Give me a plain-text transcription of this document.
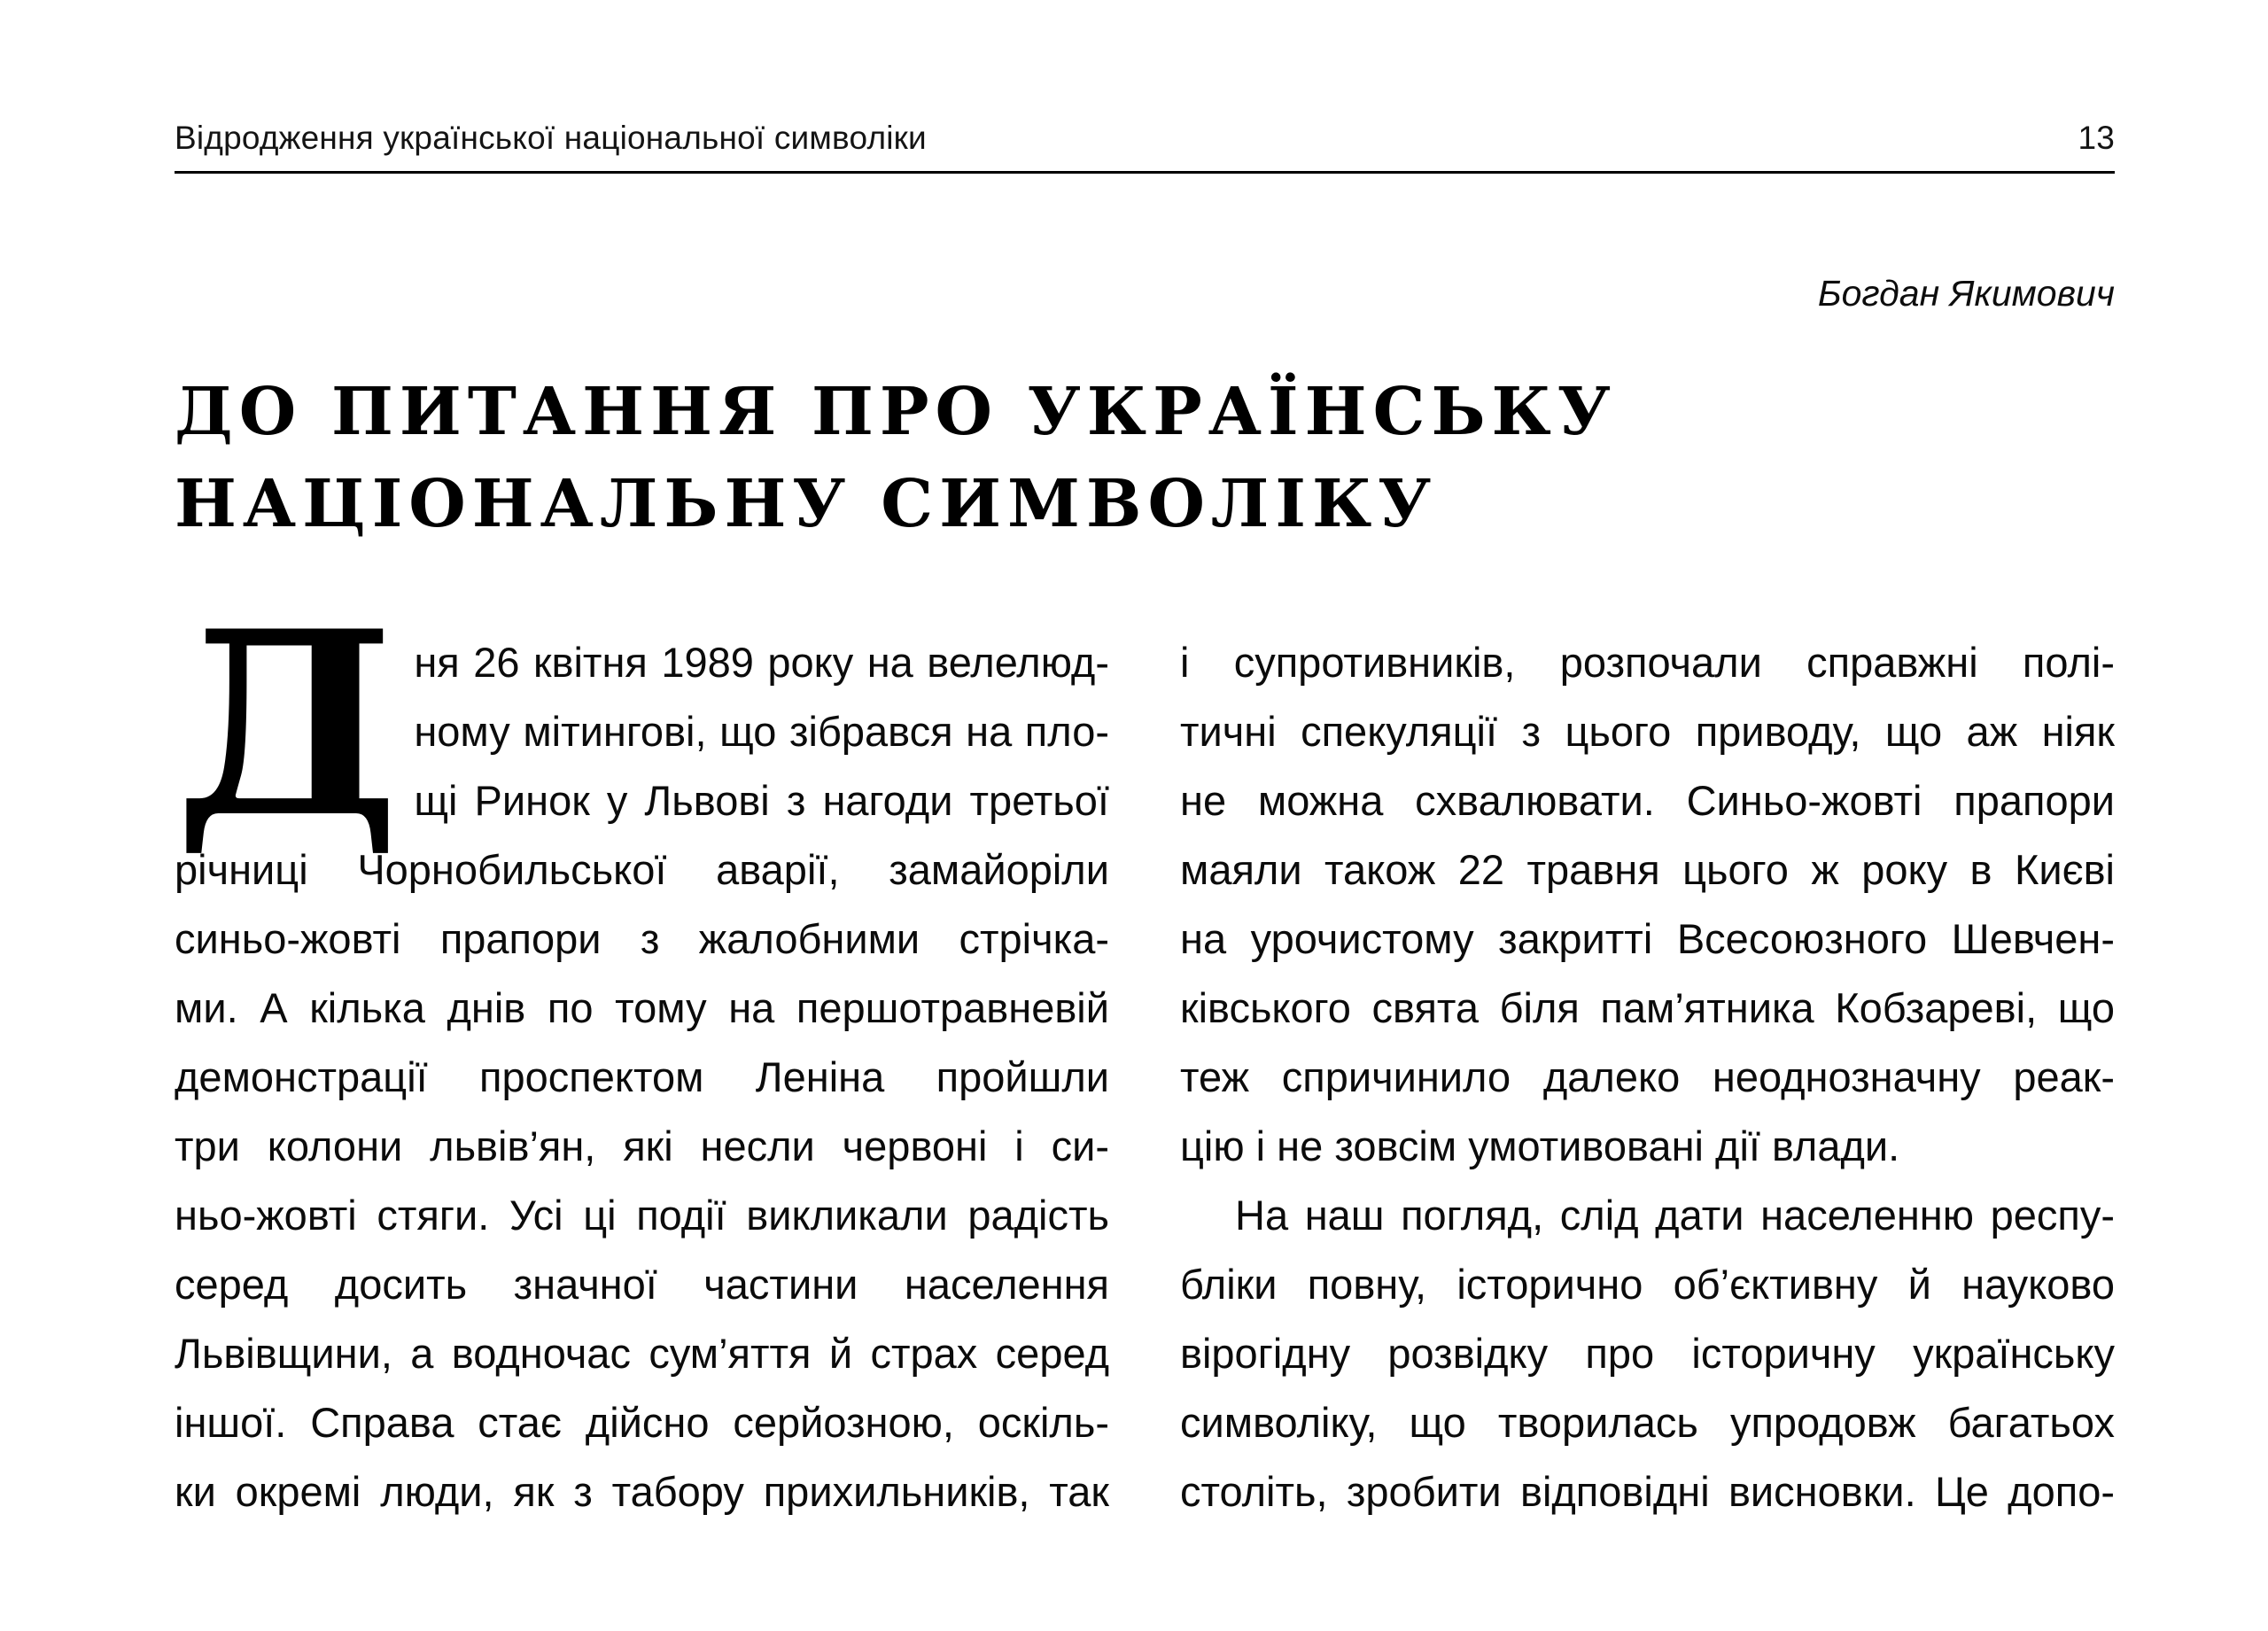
Відродження української національної символіки	13
Богдан Якимович
ДО ПИТАННЯ ПРО УКРАЇНСЬКУ
НАЦІОНАЛЬНУ СИМВОЛІКУ
Д ня 26 квітня 1989 року на велелюд-
ному мітингові, що зібрався на пло-
щі Ринок у Львові з нагоди третьої
річниці Чорнобильської аварії, замайоріли
синьо-жовті прапори з жалобними стрічка-
ми. А кілька днів по тому на першотравневій
демонстрації проспектом Леніна пройшли
три колони львів’ян, які несли червоні і си-
ньо-жовті стяги. Усі ці події викликали радість
серед досить значної частини населення
Львівщини, а водночас сум’яття й страх серед
іншої. Справа стає дійсно серйозною, оскіль-
ки окремі люди, як з табору прихильників, так
і супротивників, розпочали справжні полі-
тичні спекуляції з цього приводу, що аж ніяк
не можна схвалювати. Синьо-жовті прапори
маяли також 22 травня цього ж року в Києві
на урочистому закритті Всесоюзного Шевчен-
ківського свята біля пам’ятника Кобзареві, що
теж спричинило далеко неоднозначну реак-
цію і не зовсім умотивовані дії влади.
На наш погляд, слід дати населенню респу-
бліки повну, історично об’єктивну й науково
вірогідну розвідку про історичну українську
символіку, що творилась упродовж багатьох
століть, зробити відповідні висновки. Це допо-
